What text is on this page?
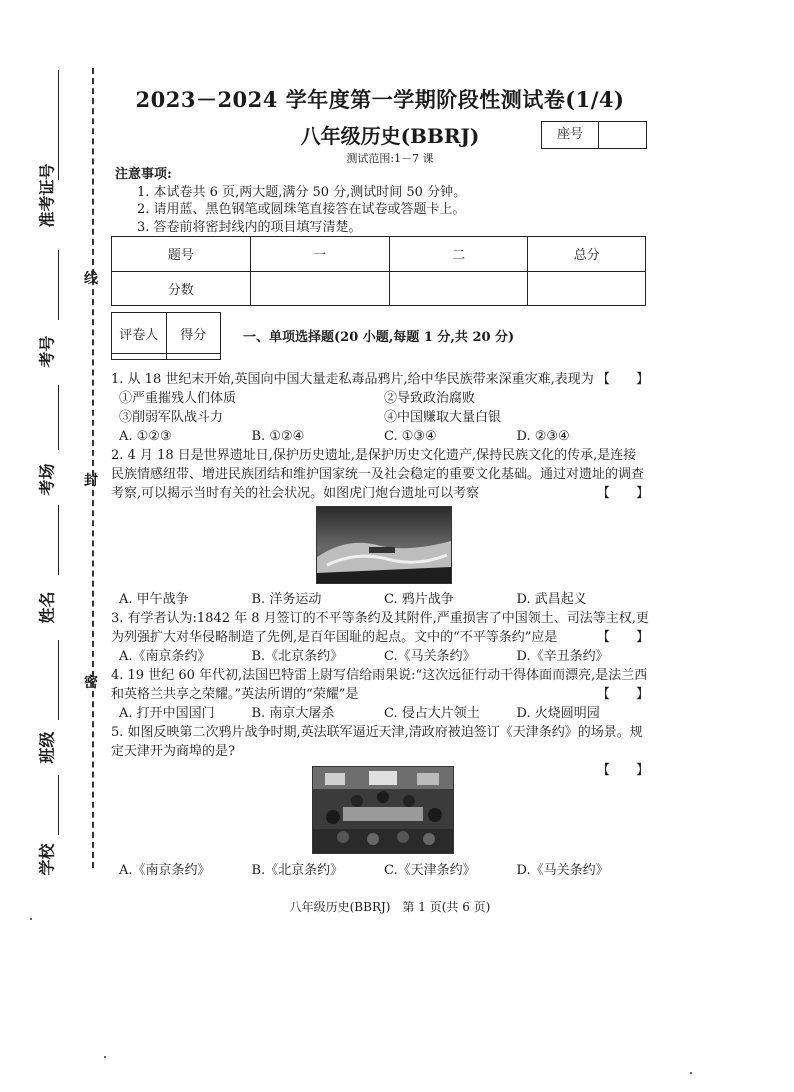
准考证号
考号
考场
姓名
班级
学校
线
封
密
2023－2024 学年度第一学期阶段性测试卷(1/4)
八年级历史(BBRJ)	座号
测试范围:1－7 课
注意事项:
1. 本试卷共 6 页,两大题,满分 50 分,测试时间 50 分钟。
2. 请用蓝、黑色钢笔或圆珠笔直接答在试卷或答题卡上。
3. 答卷前将密封线内的项目填写清楚。
题号	一	二	总分
分数			
评卷人	得分
		一、单项选择题(20 小题,每题 1 分,共 20 分)
1. 从 18 世纪末开始,英国向中国大量走私毒品鸦片,给中华民族带来深重灾难,表现为 【　　】
①严重摧残人们体质	②导致政治腐败
③削弱军队战斗力	④中国赚取大量白银
A. ①②③	B. ①②④	C. ①③④	D. ②③④
2. 4 月 18 日是世界遗址日,保护历史遗址,是保护历史文化遗产,保持民族文化的传承,是连接民族情感纽带、增进民族团结和维护国家统一及社会稳定的重要文化基础。通过对遗址的调查考察,可以揭示当时有关的社会状况。如图虎门炮台遗址可以考察	【　　】
A. 甲午战争	B. 洋务运动	C. 鸦片战争	D. 武昌起义
3. 有学者认为:1842 年 8 月签订的不平等条约及其附件,严重损害了中国领土、司法等主权,更为列强扩大对华侵略制造了先例,是百年国耻的起点。文中的“不平等条约”应是	【　　】
A.《南京条约》	B.《北京条约》	C.《马关条约》	D.《辛丑条约》
4. 19 世纪 60 年代初,法国巴特雷上尉写信给雨果说:“这次远征行动干得体面而漂亮,是法兰西和英格兰共享之荣耀。”英法所谓的“荣耀”是	【　　】
A. 打开中国国门	B. 南京大屠杀	C. 侵占大片领土	D. 火烧圆明园
5. 如图反映第二次鸦片战争时期,英法联军逼近天津,清政府被迫签订《天津条约》的场景。规定天津开为商埠的是?
【　　】
A.《南京条约》	B.《北京条约》	C.《天津条约》	D.《马关条约》
八年级历史(BBRJ)　第 1 页(共 6 页)
